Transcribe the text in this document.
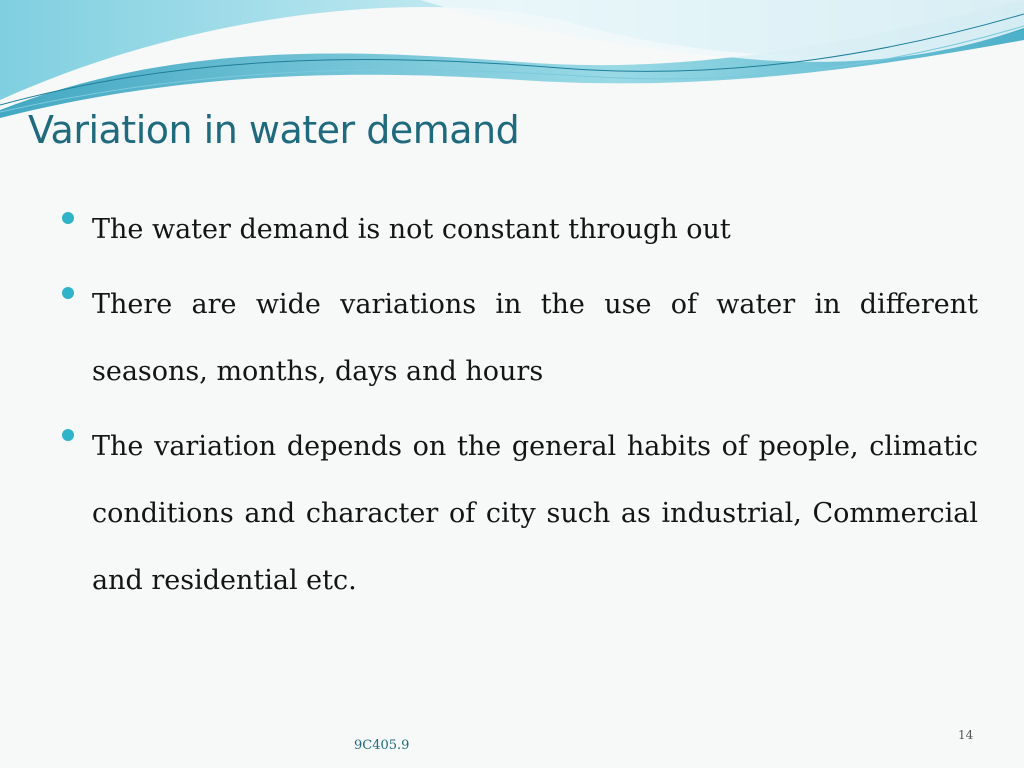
Variation in water demand
The water demand is not constant through out
There are wide variations in the use of water in different seasons, months, days and hours
The variation depends on the general habits of people, climatic conditions and character of city such as industrial, Commercial and residential etc.
9C405.9
14
